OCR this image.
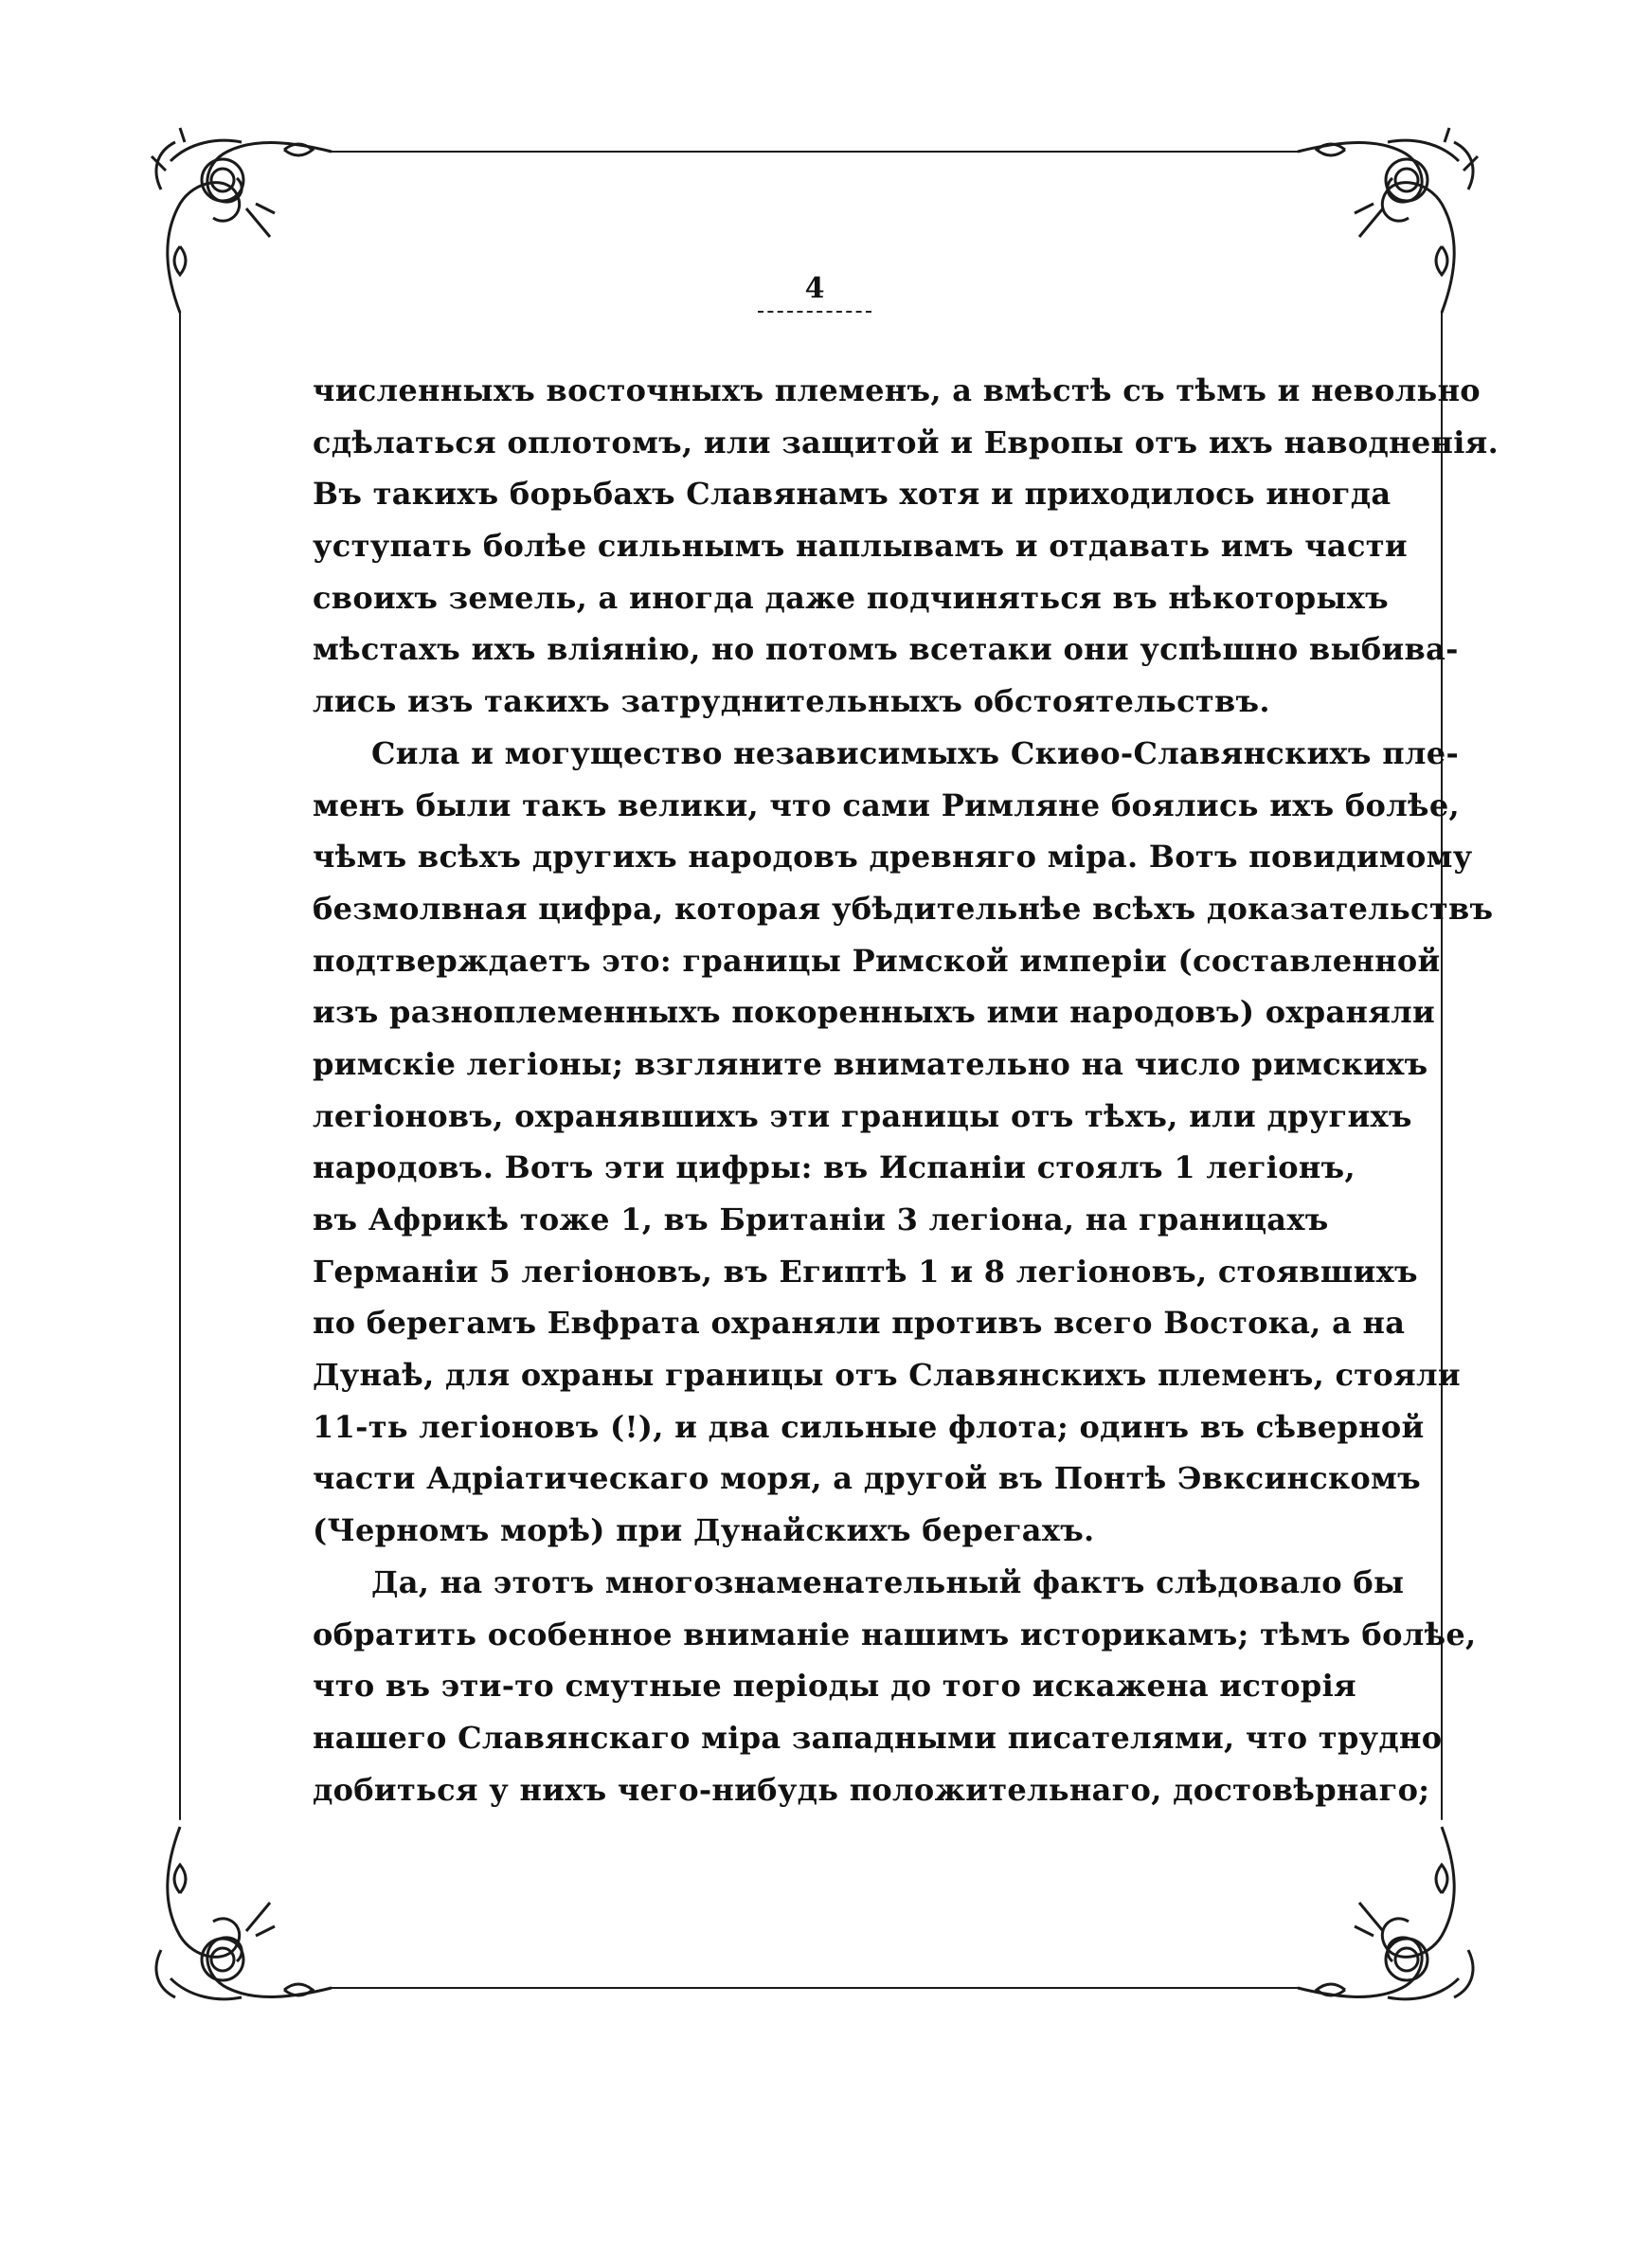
4
численныхъ восточныхъ племенъ, а вмѣстѣ съ тѣмъ и невольно
сдѣлаться оплотомъ, или защитой и Европы отъ ихъ наводненія.
Въ такихъ борьбахъ Славянамъ хотя и приходилось иногда
уступать болѣе сильнымъ наплывамъ и отдавать имъ части
своихъ земель, а иногда даже подчиняться въ нѣкоторыхъ
мѣстахъ ихъ вліянію, но потомъ всетаки они успѣшно выбива-
лись изъ такихъ затруднительныхъ обстоятельствъ.
Сила и могущество независимыхъ Скиѳо-Славянскихъ пле-
менъ были такъ велики, что сами Римляне боялись ихъ болѣе,
чѣмъ всѣхъ другихъ народовъ древняго міра. Вотъ повидимому
безмолвная цифра, которая убѣдительнѣе всѣхъ доказательствъ
подтверждаетъ это: границы Римской имперіи (составленной
изъ разноплеменныхъ покоренныхъ ими народовъ) охраняли
римскіе легіоны; взгляните внимательно на число римскихъ
легіоновъ, охранявшихъ эти границы отъ тѣхъ, или другихъ
народовъ. Вотъ эти цифры: въ Испаніи стоялъ 1 легіонъ,
въ Африкѣ тоже 1, въ Британіи 3 легіона, на границахъ
Германіи 5 легіоновъ, въ Египтѣ 1 и 8 легіоновъ, стоявшихъ
по берегамъ Евфрата охраняли противъ всего Востока, а на
Дунаѣ, для охраны границы отъ Славянскихъ племенъ, стояли
11-ть легіоновъ (!), и два сильные флота; одинъ въ сѣверной
части Адріатическаго моря, а другой въ Понтѣ Эвксинскомъ
(Черномъ морѣ) при Дунайскихъ берегахъ.
Да, на этотъ многознаменательный фактъ слѣдовало бы
обратить особенное вниманіе нашимъ историкамъ; тѣмъ болѣе,
что въ эти-то смутные періоды до того искажена исторія
нашего Славянскаго міра западными писателями, что трудно
добиться у нихъ чего-нибудь положительнаго, достовѣрнаго;
